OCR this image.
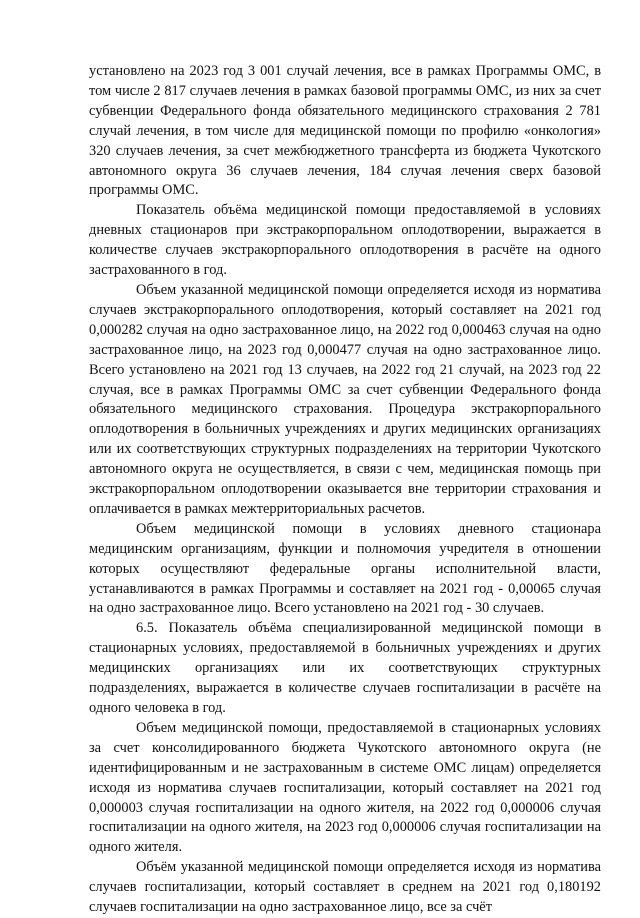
установлено на 2023 год 3 001 случай лечения, все в рамках Программы ОМС, в том числе 2 817 случаев лечения в рамках базовой программы ОМС, из них за счет субвенции Федерального фонда обязательного медицинского страхования 2 781 случай лечения, в том числе для медицинской помощи по профилю «онкология» 320 случаев лечения, за счет межбюджетного трансферта из бюджета Чукотского автономного округа 36 случаев лечения, 184 случая лечения сверх базовой программы ОМС.

Показатель объёма медицинской помощи предоставляемой в условиях дневных стационаров при экстракорпоральном оплодотворении, выражается в количестве случаев экстракорпорального оплодотворения в расчёте на одного застрахованного в год.

Объем указанной медицинской помощи определяется исходя из норматива случаев экстракорпорального оплодотворения, который составляет на 2021 год 0,000282 случая на одно застрахованное лицо, на 2022 год 0,000463 случая на одно застрахованное лицо, на 2023 год 0,000477 случая на одно застрахованное лицо. Всего установлено на 2021 год 13 случаев, на 2022 год 21 случай, на 2023 год 22 случая, все в рамках Программы ОМС за счет субвенции Федерального фонда обязательного медицинского страхования. Процедура экстракорпорального оплодотворения в больничных учреждениях и других медицинских организациях или их соответствующих структурных подразделениях на территории Чукотского автономного округа не осуществляется, в связи с чем, медицинская помощь при экстракорпоральном оплодотворении оказывается вне территории страхования и оплачивается в рамках межтерриториальных расчетов.

Объем медицинской помощи в условиях дневного стационара медицинским организациям, функции и полномочия учредителя в отношении которых осуществляют федеральные органы исполнительной власти, устанавливаются в рамках Программы и составляет на 2021 год - 0,00065 случая на одно застрахованное лицо. Всего установлено на 2021 год - 30 случаев.

6.5. Показатель объёма специализированной медицинской помощи в стационарных условиях, предоставляемой в больничных учреждениях и других медицинских организациях или их соответствующих структурных подразделениях, выражается в количестве случаев госпитализации в расчёте на одного человека в год.

Объем медицинской помощи, предоставляемой в стационарных условиях за счет консолидированного бюджета Чукотского автономного округа (не идентифицированным и не застрахованным в системе ОМС лицам) определяется исходя из норматива случаев госпитализации, который составляет на 2021 год 0,000003 случая госпитализации на одного жителя, на 2022 год 0,000006 случая госпитализации на одного жителя, на 2023 год 0,000006 случая госпитализации на одного жителя.

Объём указанной медицинской помощи определяется исходя из норматива случаев госпитализации, который составляет в среднем на 2021 год 0,180192 случаев госпитализации на одно застрахованное лицо, все за счёт
